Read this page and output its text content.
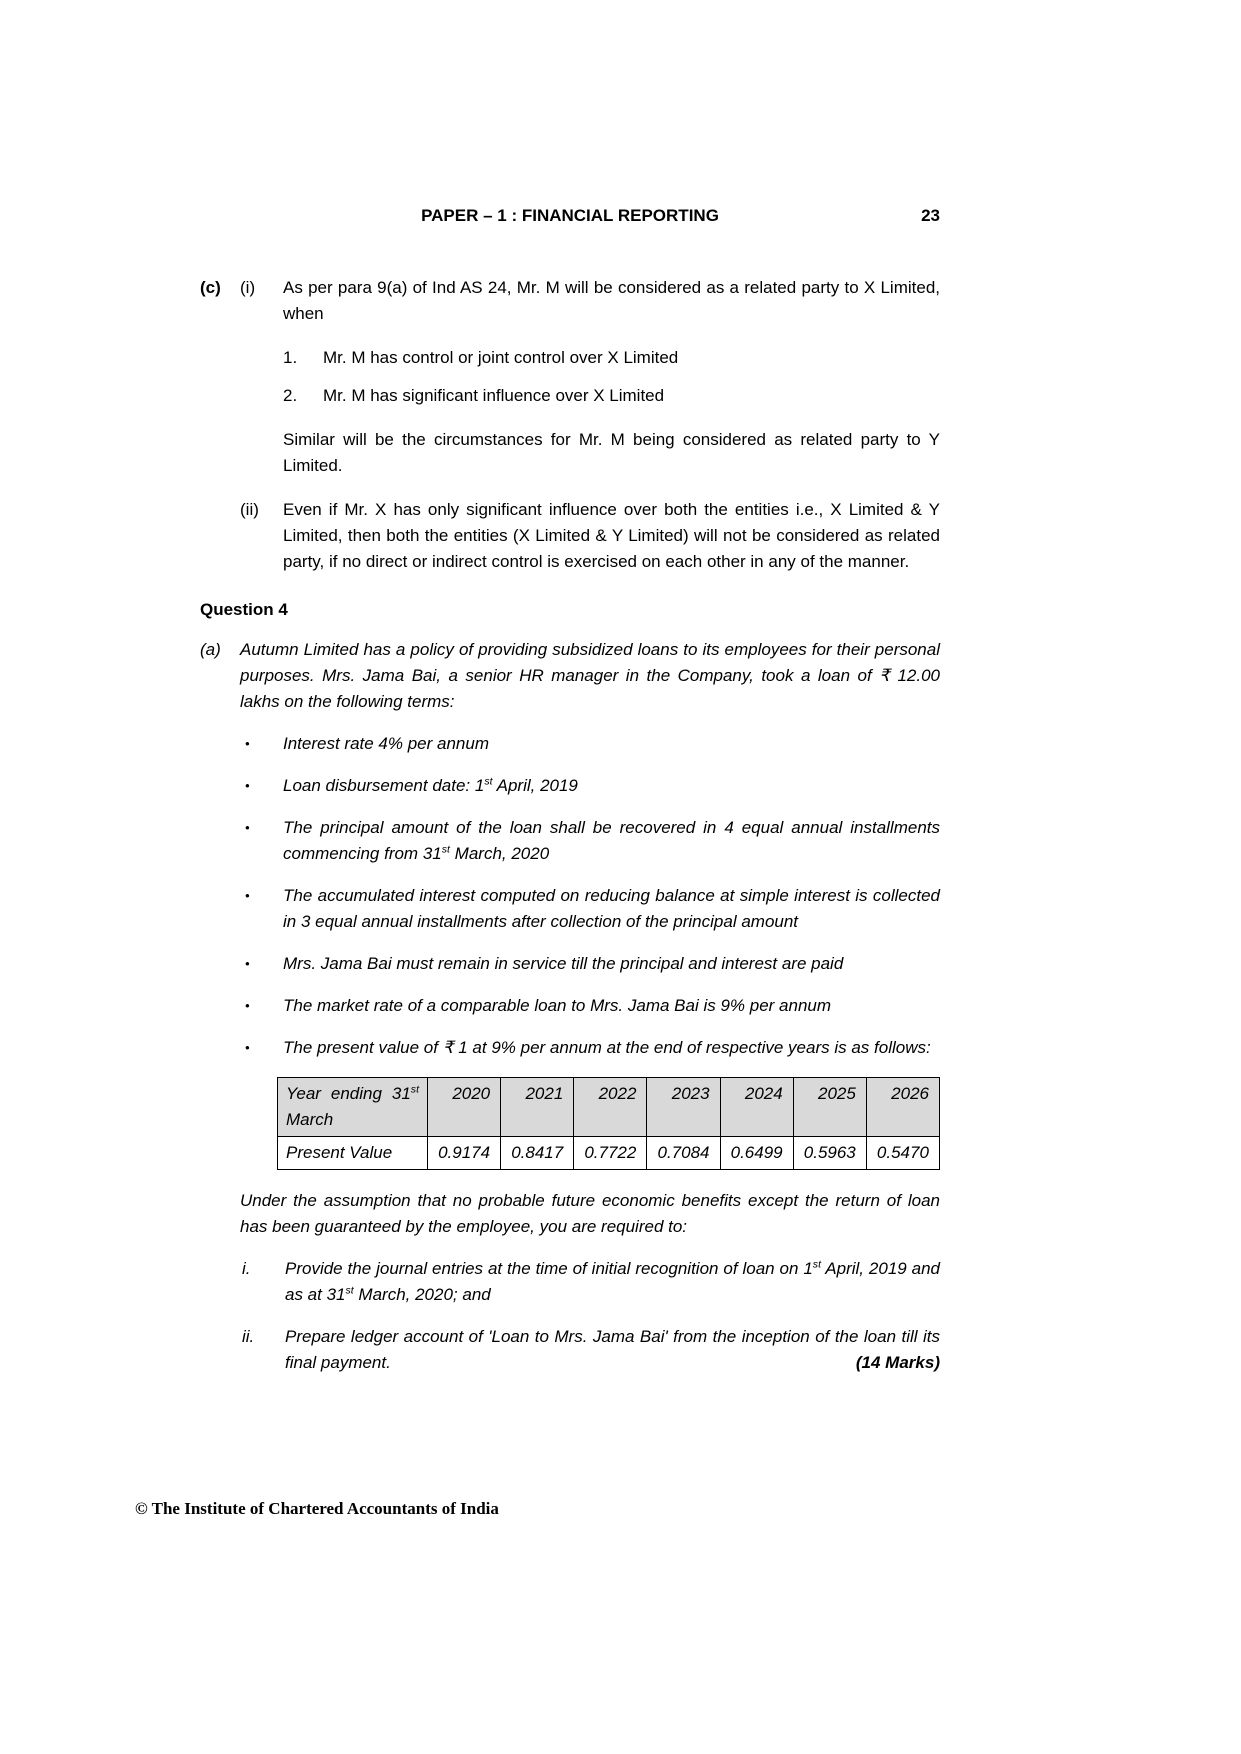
PAPER – 1 : FINANCIAL REPORTING	23
(c)	(i)	As per para 9(a) of Ind AS 24, Mr. M will be considered as a related party to X Limited, when

1.	Mr. M has control or joint control over X Limited
2.	Mr. M has significant influence over X Limited

Similar will be the circumstances for Mr. M being considered as related party to Y Limited.

(ii)	Even if Mr. X has only significant influence over both the entities i.e., X Limited & Y Limited, then both the entities (X Limited & Y Limited) will not be considered as related party, if no direct or indirect control is exercised on each other in any of the manner.

Question 4
(a)	Autumn Limited has a policy of providing subsidized loans to its employees for their personal purposes. Mrs. Jama Bai, a senior HR manager in the Company, took a loan of ₹ 12.00 lakhs on the following terms:

•	Interest rate 4% per annum
•	Loan disbursement date: 1st April, 2019
•	The principal amount of the loan shall be recovered in 4 equal annual installments commencing from 31st March, 2020
•	The accumulated interest computed on reducing balance at simple interest is collected in 3 equal annual installments after collection of the principal amount
•	Mrs. Jama Bai must remain in service till the principal and interest are paid
•	The market rate of a comparable loan to Mrs. Jama Bai is 9% per annum
•	The present value of ₹ 1 at 9% per annum at the end of respective years is as follows:
Year ending 31st March	2020	2021	2022	2023	2024	2025	2026
Present Value	0.9174	0.8417	0.7722	0.7084	0.6499	0.5963	0.5470

Under the assumption that no probable future economic benefits except the return of loan has been guaranteed by the employee, you are required to:

i.	Provide the journal entries at the time of initial recognition of loan on 1st April, 2019 and as at 31st March, 2020; and
ii.	Prepare ledger account of 'Loan to Mrs. Jama Bai' from the inception of the loan till its final payment.	(14 Marks)
© The Institute of Chartered Accountants of India
